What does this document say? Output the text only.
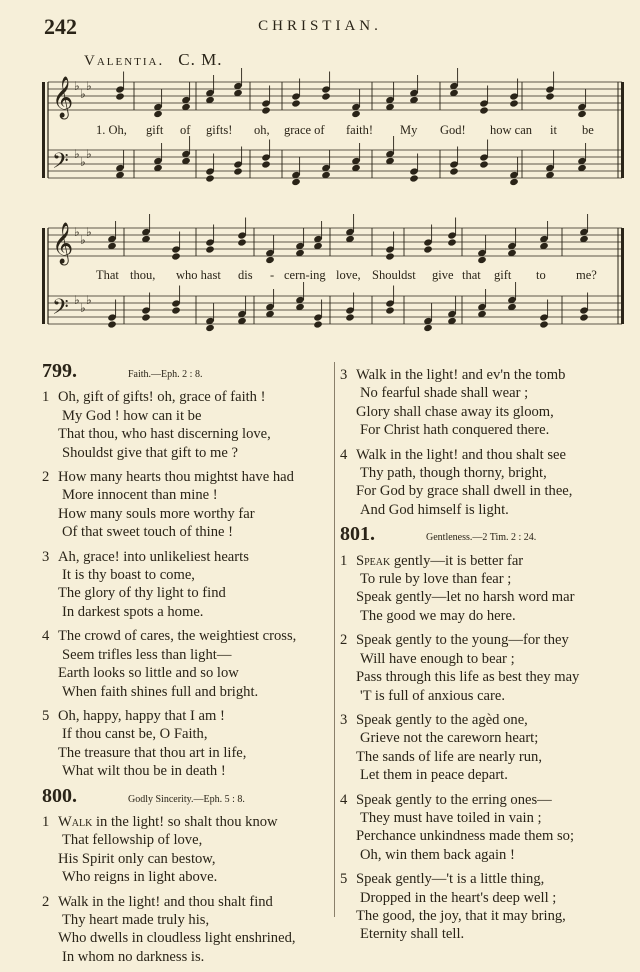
242	CHRISTIAN.
Valentia. C. M.
𝄞
𝄢
𝄞
𝄢
♭
♭
♭
♭
♭
♭
♭
♭
♭
♭
♭
♭
1. Oh, gift of gifts! oh, grace of faith! My God! how can it be
That thou, who hast dis - cern-ing love, Shouldst give that gift to me?
799.	Faith.—Eph. 2 : 8.
1 Oh, gift of gifts! oh, grace of faith !
My God ! how can it be
That thou, who hast discerning love,
Shouldst give that gift to me ?
2 How many hearts thou mightst have had
More innocent than mine !
How many souls more worthy far
Of that sweet touch of thine !
3 Ah, grace! into unlikeliest hearts
It is thy boast to come,
The glory of thy light to find
In darkest spots a home.
4 The crowd of cares, the weightiest cross,
Seem trifles less than light—
Earth looks so little and so low
When faith shines full and bright.
5 Oh, happy, happy that I am !
If thou canst be, O Faith,
The treasure that thou art in life,
What wilt thou be in death !
800.	Godly Sincerity.—Eph. 5 : 8.
1 Walk in the light! so shalt thou know
That fellowship of love,
His Spirit only can bestow,
Who reigns in light above.
2 Walk in the light! and thou shalt find
Thy heart made truly his,
Who dwells in cloudless light enshrined,
In whom no darkness is.
3 Walk in the light! and ev'n the tomb
No fearful shade shall wear ;
Glory shall chase away its gloom,
For Christ hath conquered there.
4 Walk in the light! and thou shalt see
Thy path, though thorny, bright,
For God by grace shall dwell in thee,
And God himself is light.
801.	Gentleness.—2 Tim. 2 : 24.
1 Speak gently—it is better far
To rule by love than fear ;
Speak gently—let no harsh word mar
The good we may do here.
2 Speak gently to the young—for they
Will have enough to bear ;
Pass through this life as best they may
'T is full of anxious care.
3 Speak gently to the agèd one,
Grieve not the careworn heart;
The sands of life are nearly run,
Let them in peace depart.
4 Speak gently to the erring ones—
They must have toiled in vain ;
Perchance unkindness made them so;
Oh, win them back again !
5 Speak gently—'t is a little thing,
Dropped in the heart's deep well ;
The good, the joy, that it may bring,
Eternity shall tell.
